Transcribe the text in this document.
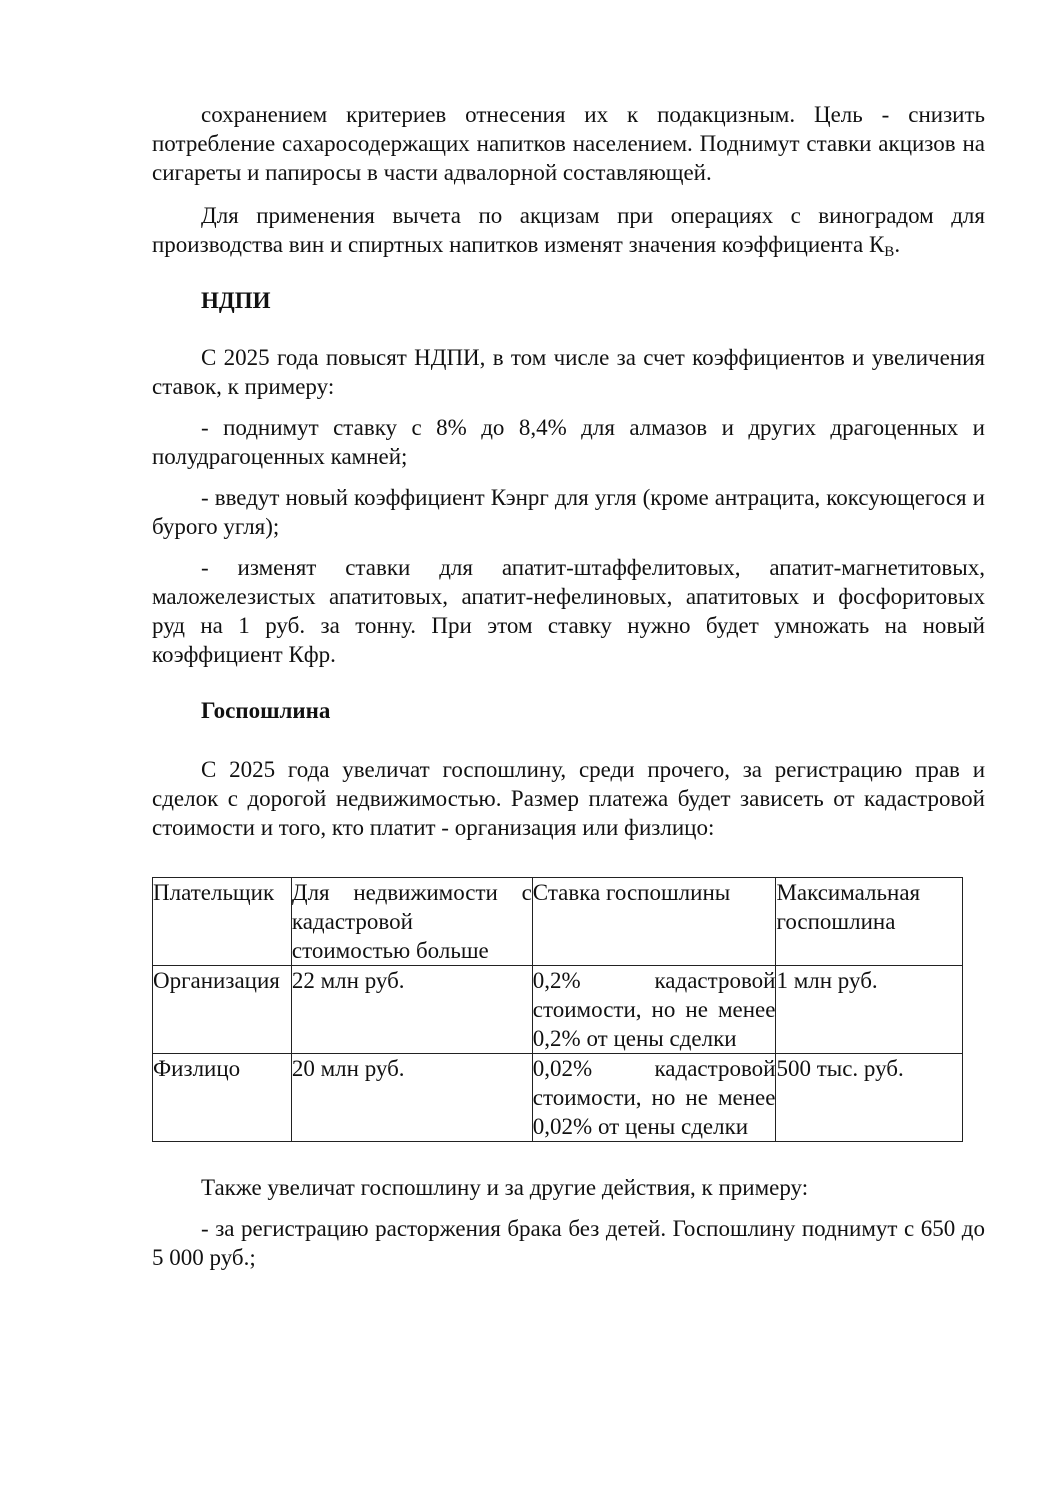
сохранением критериев отнесения их к подакцизным. Цель - снизить потребление сахаросодержащих напитков населением. Поднимут ставки акцизов на сигареты и папиросы в части адвалорной составляющей.

Для применения вычета по акцизам при операциях с виноградом для производства вин и спиртных напитков изменят значения коэффициента $К_В$.

НДПИ

С 2025 года повысят НДПИ, в том числе за счет коэффициентов и увеличения ставок, к примеру:

- поднимут ставку с 8% до 8,4% для алмазов и других драгоценных и полудрагоценных камней;

- введут новый коэффициент Кэнрг для угля (кроме антрацита, коксующегося и бурого угля);

- изменят ставки для апатит-штаффелитовых, апатит-магнетитовых, маложелезистых апатитовых, апатит-нефелиновых, апатитовых и фосфоритовых руд на 1 руб. за тонну. При этом ставку нужно будет умножать на новый коэффициент Кфр.

Госпошлина

С 2025 года увеличат госпошлину, среди прочего, за регистрацию прав и сделок с дорогой недвижимостью. Размер платежа будет зависеть от кадастровой стоимости и того, кто платит - организация или физлицо:

Плательщик	Для недвижимости с кадастровой стоимостью больше	Ставка госпошлины	Максимальная госпошлина
Организация	22 млн руб.	0,2% кадастровой стоимости, но не менее 0,2% от цены сделки	1 млн руб.
Физлицо	20 млн руб.	0,02% кадастровой стоимости, но не менее 0,02% от цены сделки	500 тыс. руб.

Также увеличат госпошлину и за другие действия, к примеру:

- за регистрацию расторжения брака без детей. Госпошлину поднимут с 650 до 5 000 руб.;
